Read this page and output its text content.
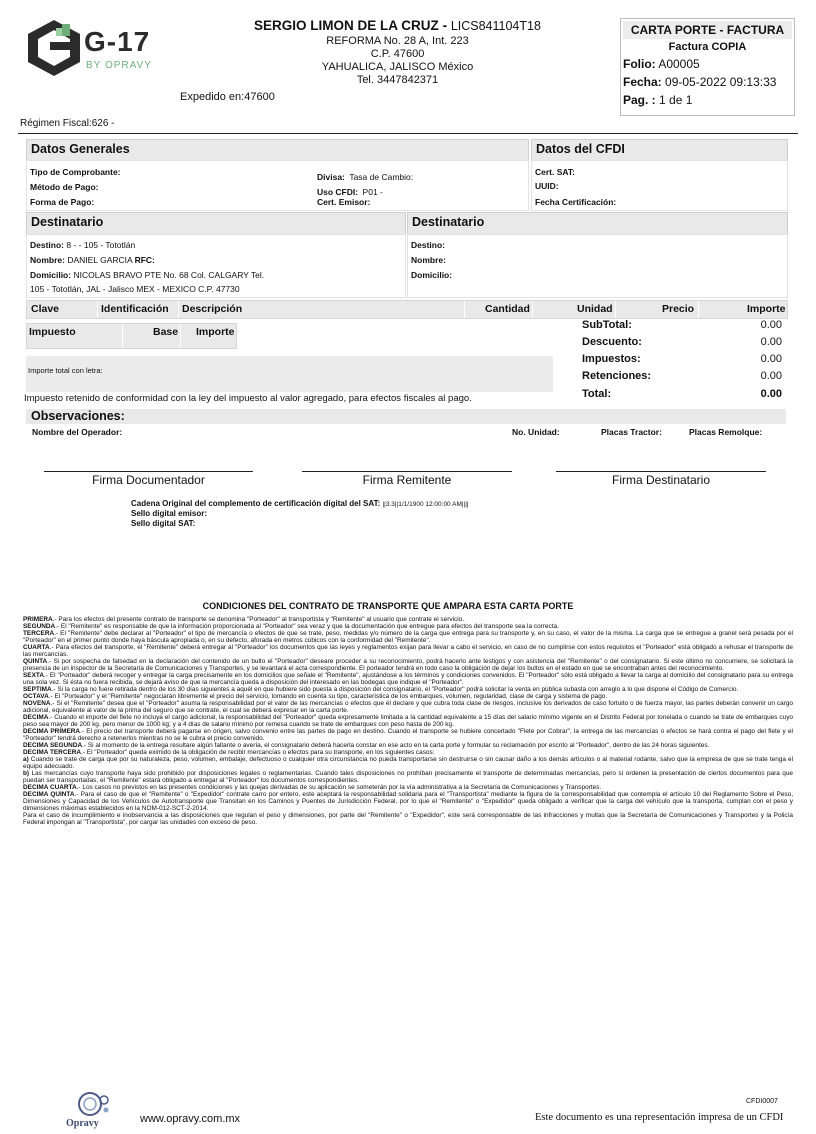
G-17
BY OPRAVY
SERGIO LIMON DE LA CRUZ - LICS841104T18
REFORMA No. 28 A, Int. 223
C.P. 47600
YAHUALICA, JALISCO México
Tel. 3447842371
Expedido en:47600
CARTA PORTE - FACTURA
Factura COPIA
Folio: A00005
Fecha: 09-05-2022 09:13:33
Pag. : 1 de 1
Régimen Fiscal:626 -
Datos Generales	Datos del CFDI
Tipo de Comprobante:
Método de Pago:
Forma de Pago:
Divisa: Tasa de Cambio:
Uso CFDI: P01 -
Cert. Emisor:
Cert. SAT:
UUID:
Fecha Certificación:
Destinatario	Destinatario
Destino: 8 - - 105 - Tototlán
Nombre: DANIEL GARCIA RFC:
Domicilio: NICOLAS BRAVO PTE No. 68 Col. CALGARY Tel.
105 - Tototlán, JAL - Jalisco MEX - MEXICO C.P. 47730
Destino:
Nombre:
Domicilio:
Clave	Identificación Descripción	Cantidad	Unidad	Precio	Importe
Impuesto	Base Importe
SubTotal:	0.00
Descuento:	0.00
Impuestos:	0.00
Retenciones:	0.00
Total:	0.00
Importe total con letra:
Impuesto retenido de conformidad con la ley del impuesto al valor agregado, para efectos fiscales al pago.
Observaciones:
Nombre del Operador:	No. Unidad:	Placas Tractor:	Placas Remolque:
Firma Documentador	Firma Remitente	Firma Destinatario
Cadena Original del complemento de certificación digital del SAT: ||3.3||1/1/1900 12:00:00 AM||||
Sello digital emisor:
Sello digital SAT:
CONDICIONES DEL CONTRATO DE TRANSPORTE QUE AMPARA ESTA CARTA PORTE

PRIMERA.- Para los efectos del presente contrato de transporte se denomina "Porteador" al transportista y "Remitente" al usuario que contrate el servicio.

SEGUNDA.- El "Remitente" es responsable de que la información proporcionada al "Porteador" sea veraz y que la documentación que entregue para efectos del transporte sea la correcta.

TERCERA.- El "Remitente" debe declarar al "Porteador" el tipo de mercancía o efectos de que se trate, peso, medidas y/o número de la carga que entrega para su transporte y, en su caso, el valor de la misma. La carga que se entregue a granel será pesada por el "Porteador" en el primer punto donde haya báscula apropiada o, en su defecto, aforada en metros cúbicos con la conformidad del "Remitente".

CUARTA.- Para efectos del transporte, el "Remitente" deberá entregar al "Porteador" los documentos que las leyes y reglamentos exijan para llevar a cabo el servicio, en caso de no cumplirse con estos requisitos el "Porteador" está obligado a rehusar el transporte de las mercancías.

QUINTA.- Si por sospecha de falsedad en la declaración del contenido de un bulto el "Porteador" deseare proceder a su reconocimiento, podrá hacerlo ante testigos y con asistencia del "Remitente" o del consignatario. Si este último no concurriere, se solicitará la presencia de un inspector de la Secretaría de Comunicaciones y Transportes, y se levantará el acta correspondiente. El porteador tendrá en todo caso la obligación de dejar los bultos en el estado en que se encontraban antes del reconocimiento.

SEXTA.- El "Porteador" deberá recoger y entregar la carga precisamente en los domicilios que señale el "Remitente", ajustándose a los términos y condiciones convenidos. El "Porteador" sólo está obligado a llevar la carga al domicilio del consignatario para su entrega una sola vez. Si ésta no fuera recibida, se dejará aviso de que la mercancía queda a disposición del interesado en las bodegas que indique el "Porteador".

SEPTIMA.- Si la carga no fuere retirada dentro de los 30 días siguientes a aquél en que hubiere sido puesta a disposición del consignatario, el "Porteador" podrá solicitar la venta en pública subasta con arreglo a lo que dispone el Código de Comercio.

OCTAVA.- El "Porteador" y el "Remitente" negociarán libremente el precio del servicio, tomando en cuenta su tipo, característica de los embarques, volumen, regularidad, clase de carga y sistema de pago.

NOVENA.- Si el "Remitente" desea que el "Porteador" asuma la responsabilidad por el valor de las mercancías o efectos que él declare y que cubra toda clase de riesgos, inclusive los derivados de caso fortuito o de fuerza mayor, las partes deberán convenir un cargo adicional, equivalente al valor de la prima del seguro que se contrate, el cual se deberá expresar en la carta porte.

DECIMA.- Cuando el importe del flete no incluya el cargo adicional, la responsabilidad del "Porteador" queda expresamente limitada a la cantidad equivalente a 15 días del salario mínimo vigente en el Distrito Federal por tonelada o cuando se trate de embarques cuyo peso sea mayor de 200 kg. pero menor de 1000 kg; y a 4 días de salario mínimo por remesa cuando se trate de embarques con peso hasta de 200 kg.

DECIMA PRIMERA.- El precio del transporte deberá pagarse en origen, salvo convenio entre las partes de pago en destino. Cuando el transporte se hubiere concertado "Flete por Cobrar", la entrega de las mercancías o efectos se hará contra el pago del flete y el "Porteador" tendrá derecho a retenerlos mientras no se le cubra el precio convenido.

DECIMA SEGUNDA.- Si al momento de la entrega resultare algún faltante o avería, el consignatario deberá hacerla constar en ese acto en la carta porte y formular su reclamación por escrito al "Porteador", dentro de las 24 horas siguientes.

DECIMA TERCERA.- El "Porteador" queda eximido de la obligación de recibir mercancías o efectos para su transporte, en los siguientes casos:

a) Cuando se trate de carga que por su naturaleza, peso, volumen, embalaje, defectuoso o cualquier otra circunstancia no pueda transportarse sin destruirse o sin causar daño a los demás artículos o al material rodante, salvo que la empresa de que se trate tenga el equipo adecuado.

b) Las mercancías cuyo transporte haya sido prohibido por disposiciones legales o reglamentarias. Cuando tales disposiciones no prohíban precisamente el transporte de determinadas mercancías, pero sí ordenen la presentación de ciertos documentos para que puedan ser transportadas, el "Remitente" estará obligado a entregar al "Porteador" los documentos correspondientes.

DECIMA CUARTA.- Los casos no previstos en las presentes condiciones y las quejas derivadas de su aplicación se someterán por la vía administrativa a la Secretaría de Comunicaciones y Transportes.

DECIMA QUINTA.- Para el caso de que el "Remitente" o "Expedidor" contrate carro por entero, este aceptará la responsabilidad solidaria para el "Transportista" mediante la figura de la corresponsabilidad que contempla el artículo 10 del Reglamento Sobre el Peso, Dimensiones y Capacidad de los Vehículos de Autotransporte que Transitan en los Caminos y Puentes de Jurisdicción Federal, por lo que el "Remitente" o "Expedidor" queda obligado a verificar que la carga del vehículo que la transporta, cumplan con el peso y dimensiones máximas establecidos en la NOM-012-SCT-2-2014.

Para el caso de incumplimiento e inobservancia a las disposiciones que regulan el peso y dimensiones, por parte del "Remitente" o "Expedidor", este será corresponsable de las infracciones y multas que la Secretaría de Comunicaciones y Transportes y la Policía Federal impongan al "Transportista", por cargar las unidades con exceso de peso.

Opravy	www.opravy.com.mx
CFDI0007
Este documento es una representación impresa de un CFDI
